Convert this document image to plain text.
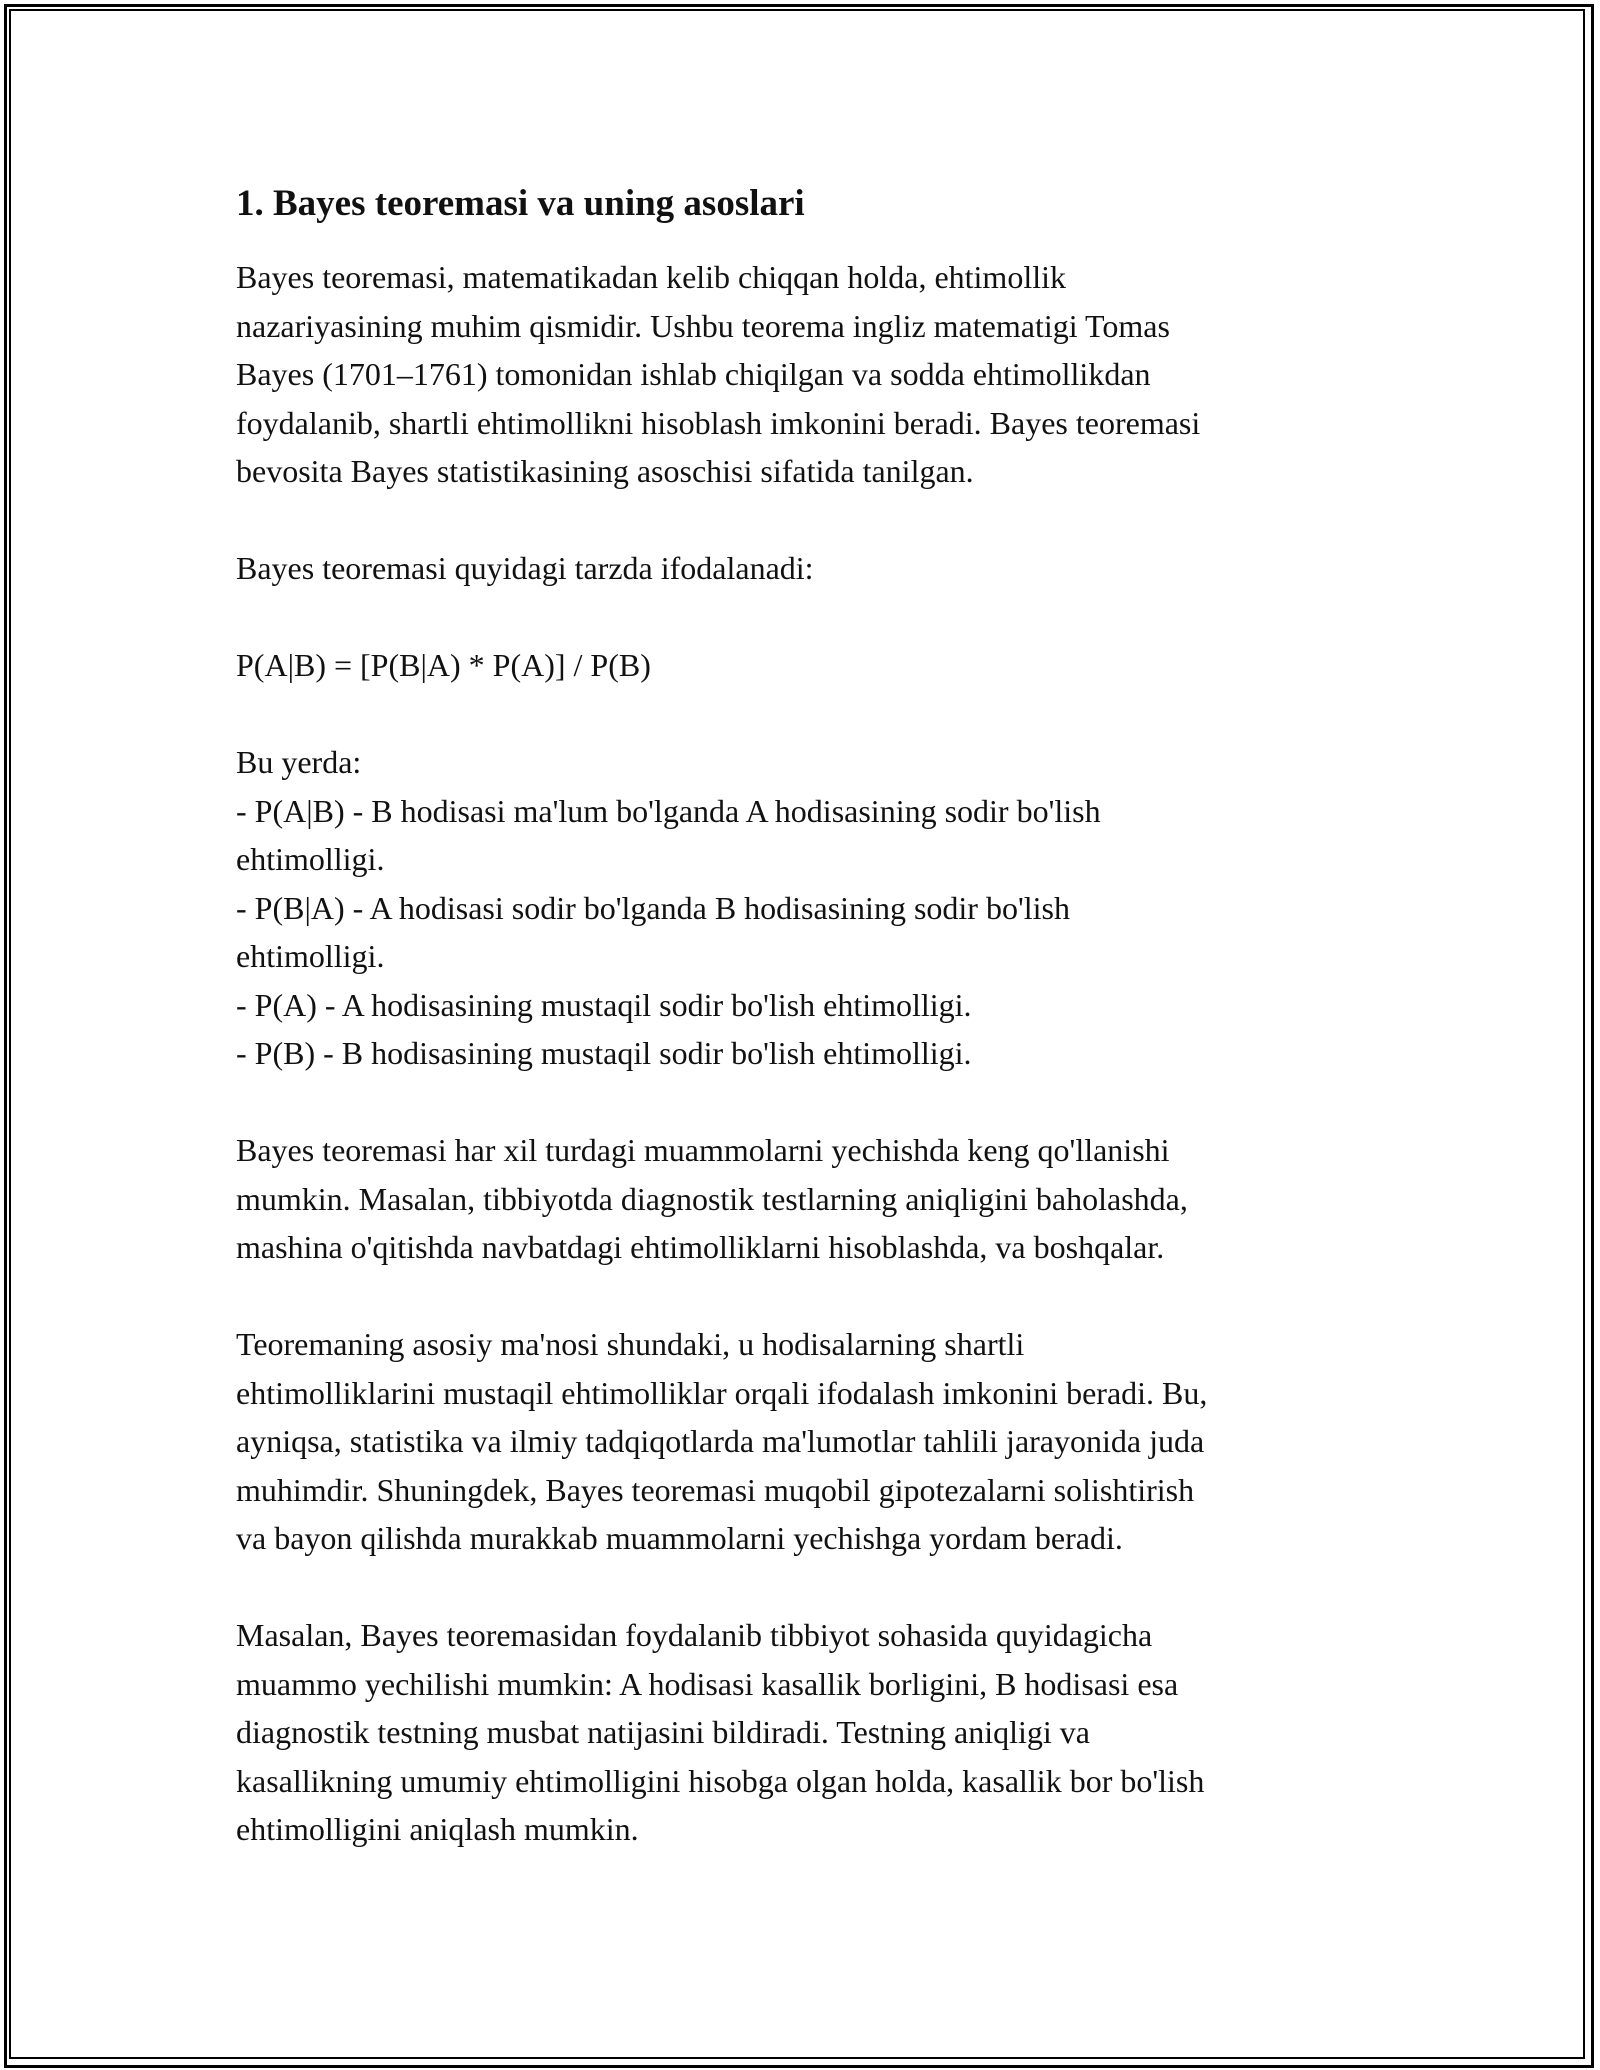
1. Bayes teoremasi va uning asoslari
Bayes teoremasi, matematikadan kelib chiqqan holda, ehtimollik
nazariyasining muhim qismidir. Ushbu teorema ingliz matematigi Tomas
Bayes (1701–1761) tomonidan ishlab chiqilgan va sodda ehtimollikdan
foydalanib, shartli ehtimollikni hisoblash imkonini beradi. Bayes teoremasi
bevosita Bayes statistikasining asoschisi sifatida tanilgan.
Bayes teoremasi quyidagi tarzda ifodalanadi:
P(A|B) = [P(B|A) * P(A)] / P(B)
Bu yerda:
- P(A|B) - B hodisasi ma'lum bo'lganda A hodisasining sodir bo'lish
ehtimolligi.
- P(B|A) - A hodisasi sodir bo'lganda B hodisasining sodir bo'lish
ehtimolligi.
- P(A) - A hodisasining mustaqil sodir bo'lish ehtimolligi.
- P(B) - B hodisasining mustaqil sodir bo'lish ehtimolligi.
Bayes teoremasi har xil turdagi muammolarni yechishda keng qo'llanishi
mumkin. Masalan, tibbiyotda diagnostik testlarning aniqligini baholashda,
mashina o'qitishda navbatdagi ehtimolliklarni hisoblashda, va boshqalar.
Teoremaning asosiy ma'nosi shundaki, u hodisalarning shartli
ehtimolliklarini mustaqil ehtimolliklar orqali ifodalash imkonini beradi. Bu,
ayniqsa, statistika va ilmiy tadqiqotlarda ma'lumotlar tahlili jarayonida juda
muhimdir. Shuningdek, Bayes teoremasi muqobil gipotezalarni solishtirish
va bayon qilishda murakkab muammolarni yechishga yordam beradi.
Masalan, Bayes teoremasidan foydalanib tibbiyot sohasida quyidagicha
muammo yechilishi mumkin: A hodisasi kasallik borligini, B hodisasi esa
diagnostik testning musbat natijasini bildiradi. Testning aniqligi va
kasallikning umumiy ehtimolligini hisobga olgan holda, kasallik bor bo'lish
ehtimolligini aniqlash mumkin.
